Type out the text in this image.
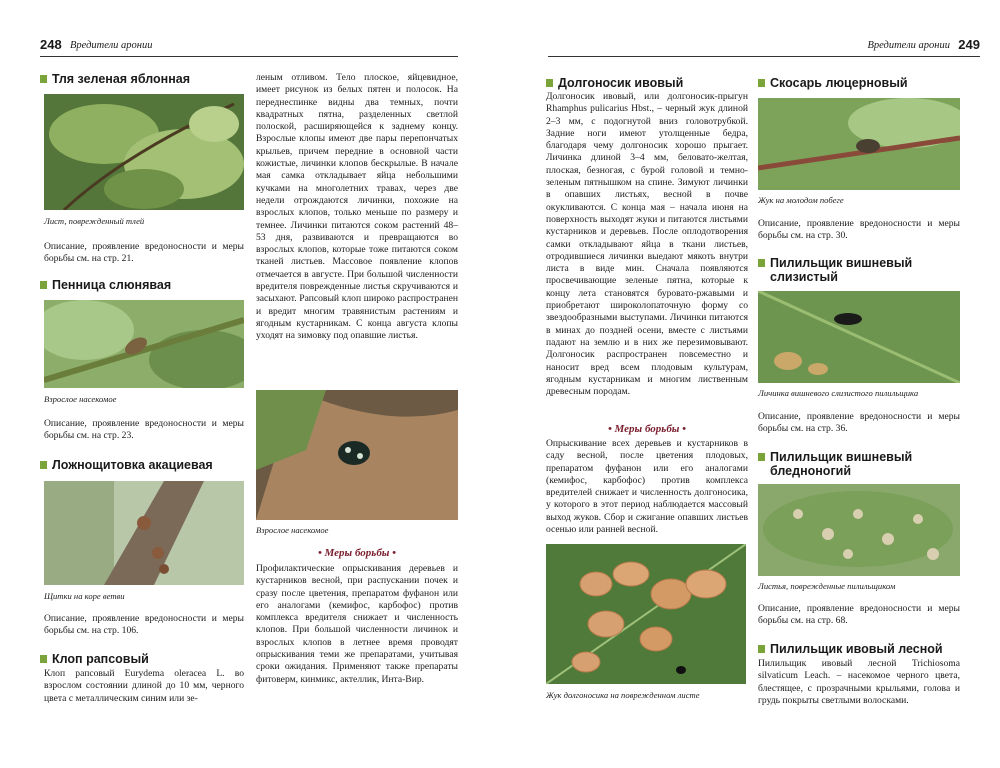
248 Вредители аронии

Тля зеленая яблонная

Лист, поврежденный тлей

Описание, проявление вредоносности и меры борьбы см. на стр. 21.

Пенница слюнявая

Взрослое насекомое

Описание, проявление вредоносности и меры борьбы см. на стр. 23.

Ложнощитовка акациевая

Щитки на коре ветви

Описание, проявление вредоносности и меры борьбы см. на стр. 106.

Клоп рапсовый

Клоп рапсовый Eurydema oleracea L. во взрослом состоянии длиной до 10 мм, черного цвета с металлическим синим или зе-

леным отливом. Тело плоское, яйцевидное, имеет рисунок из белых пятен и полосок. На переднеспинке видны два темных, почти квадратных пятна, разделенных светлой полоской, расширяющейся к заднему концу. Взрослые клопы имеют две пары перепончатых крыльев, причем передние в основной части кожистые, личинки клопов бескрылые. В начале мая самка откладывает яйца небольшими кучками на многолетних травах, через две недели отрождаются личинки, похожие на взрослых клопов, только меньше по размеру и темнее. Личинки питаются соком растений 48–53 дня, развиваются и превращаются во взрослых клопов, которые тоже питаются соком тканей листьев. Массовое появление клопов отмечается в августе. При большой численности вредителя поврежденные листья скручиваются и засыхают. Рапсовый клоп широко распространен и вредит многим травянистым растениям и ягодным кустарникам. С конца августа клопы уходят на зимовку под опавшие листья.

Взрослое насекомое

• Меры борьбы •

Профилактические опрыскивания деревьев и кустарников весной, при распускании почек и сразу после цветения, препаратом фуфанон или его аналогами (кемифос, карбофос) против комплекса вредителя снижает и численность клопов. При большой численности личинок и взрослых клопов в летнее время проводят опрыскивания теми же препаратами, учитывая сроки ожидания. Применяют также препараты фитоверм, кинмикс, актеллик, Инта-Вир.

Вредители аронии 249

Долгоносик ивовый

Долгоносик ивовый, или долгоносик-прыгун Rhamphus pulicarius Hbst., – черный жук длиной 2–3 мм, с подогнутой вниз головотрубкой. Задние ноги имеют утолщенные бедра, благодаря чему долгоносик хорошо прыгает. Личинка длиной 3–4 мм, беловато-желтая, плоская, безногая, с бурой головой и темно-зеленым пятнышком на спине. Зимуют личинки в опавших листьях, весной в почве окукливаются. С конца мая – начала июня на поверхность выходят жуки и питаются листьями кустарников и деревьев. После оплодотворения самки откладывают яйца в ткани листьев, отродившиеся личинки выедают мякоть внутри листа в виде мин. Сначала появляются просвечивающие зеленые пятна, которые к концу лета становятся буровато-ржавыми и приобретают широколопаточную форму со звездообразными выступами. Личинки питаются в минах до поздней осени, вместе с листьями падают на землю и в них же перезимовывают. Долгоносик распространен повсеместно и наносит вред всем плодовым культурам, ягодным кустарникам и многим лиственным древесным породам.

• Меры борьбы •

Опрыскивание всех деревьев и кустарников в саду весной, после цветения плодовых, препаратом фуфанон или его аналогами (кемифос, карбофос) против комплекса вредителей снижает и численность долгоносика, у которого в этот период наблюдается массовый выход жуков. Сбор и сжигание опавших листьев осенью или ранней весной.

Жук долгоносика на поврежденном листе

Скосарь люцерновый

Жук на молодом побеге

Описание, проявление вредоносности и меры борьбы см. на стр. 30.

Пилильщик вишневый слизистый

Личинка вишневого слизистого пилильщика

Описание, проявление вредоносности и меры борьбы см. на стр. 36.

Пилильщик вишневый бледноногий

Листья, поврежденные пилильщиком

Описание, проявление вредоносности и меры борьбы см. на стр. 68.

Пилильщик ивовый лесной

Пилильщик ивовый лесной Trichiosoma silvaticum Leach. – насекомое черного цвета, блестящее, с прозрачными крыльями, голова и грудь покрыты светлыми волосками.
